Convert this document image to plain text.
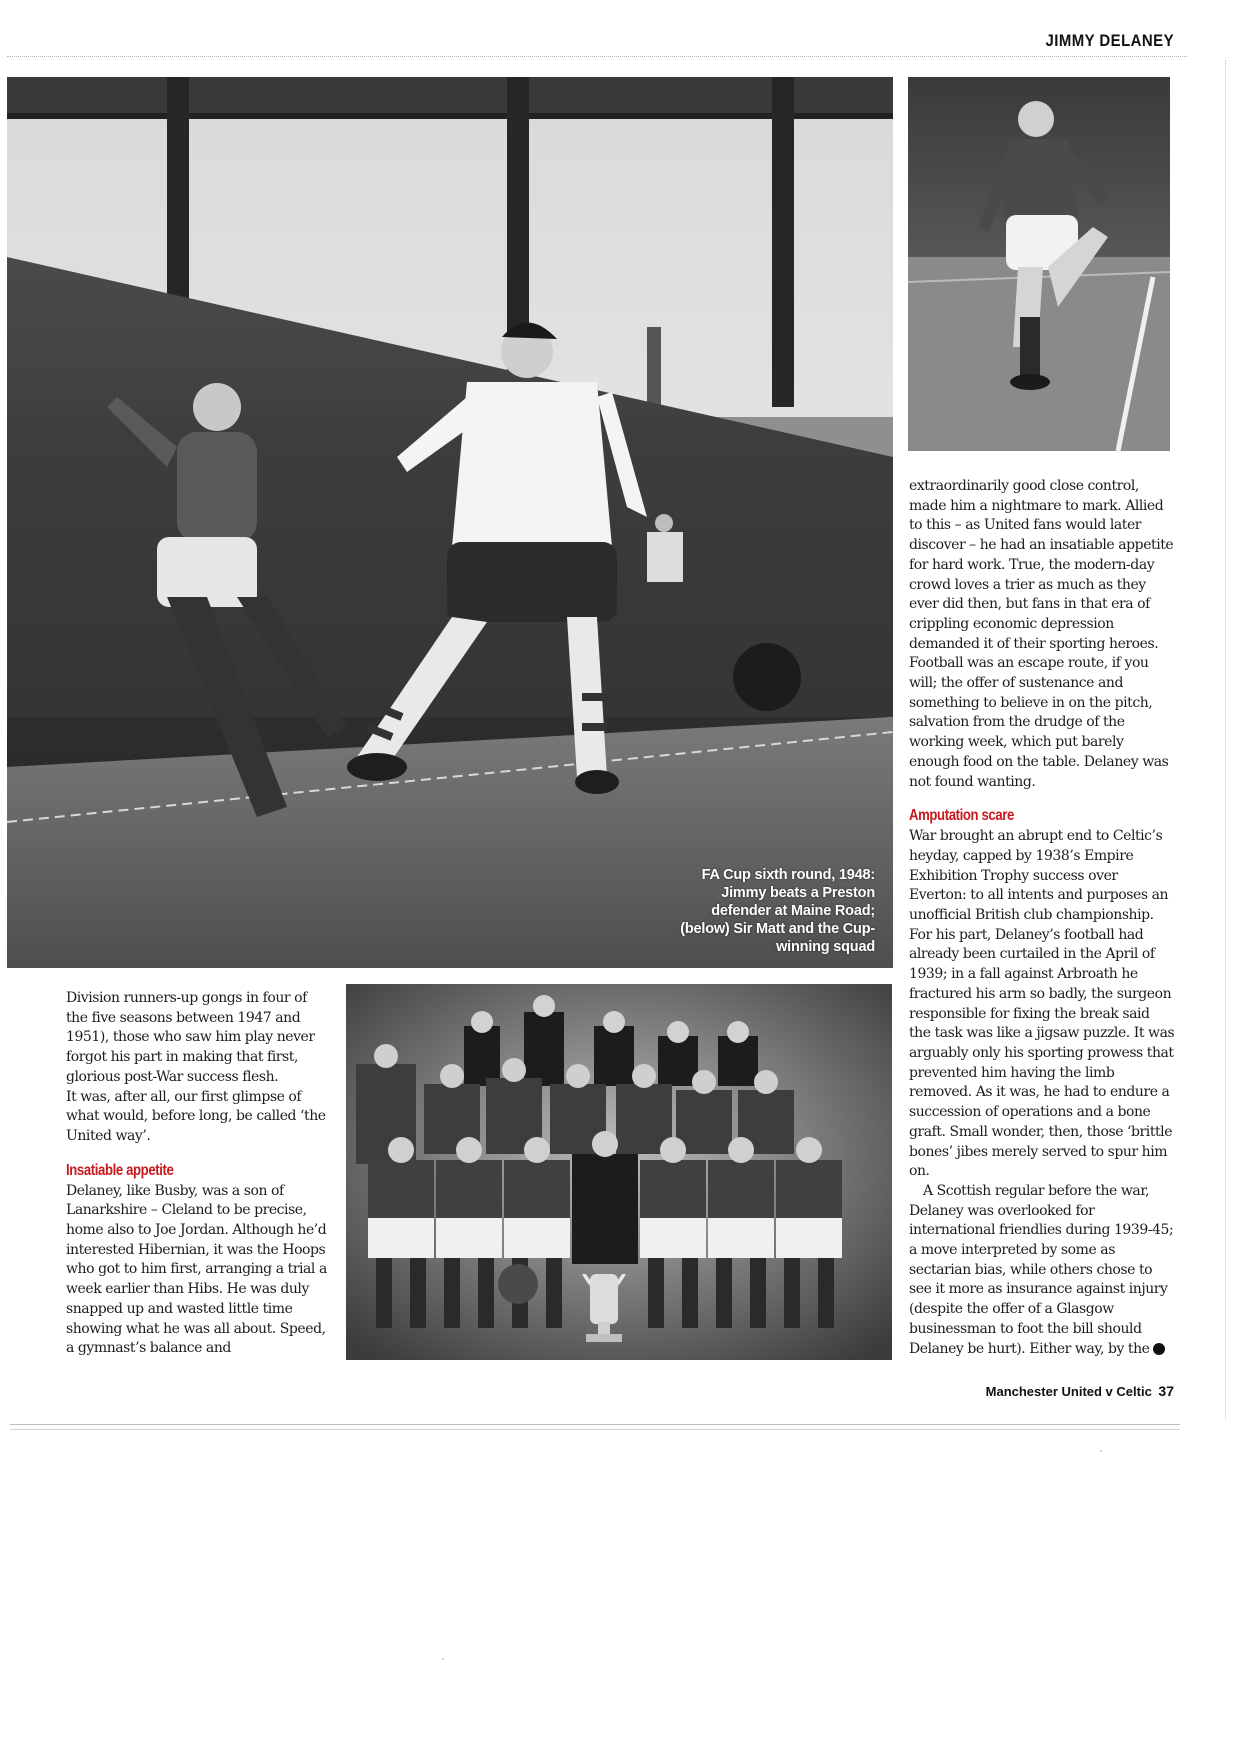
JIMMY DELANEY
FA Cup sixth round, 1948: Jimmy beats a Preston defender at Maine Road; (below) Sir Matt and the Cup-winning squad

Division runners-up gongs in four of the five seasons between 1947 and 1951), those who saw him play never forgot his part in making that first, glorious post-War success flesh.

It was, after all, our first glimpse of what would, before long, be called ‘the United way’.

Insatiable appetite

Delaney, like Busby, was a son of Lanarkshire – Cleland to be precise, home also to Joe Jordan. Although he’d interested Hibernian, it was the Hoops who got to him first, arranging a trial a week earlier than Hibs. He was duly snapped up and wasted little time showing what he was all about. Speed, a gymnast’s balance and

extraordinarily good close control, made him a nightmare to mark. Allied to this – as United fans would later discover – he had an insatiable appetite for hard work. True, the modern-day crowd loves a trier as much as they ever did then, but fans in that era of crippling economic depression demanded it of their sporting heroes. Football was an escape route, if you will; the offer of sustenance and something to believe in on the pitch, salvation from the drudge of the working week, which put barely enough food on the table. Delaney was not found wanting.

Amputation scare

War brought an abrupt end to Celtic’s heyday, capped by 1938’s Empire Exhibition Trophy success over Everton: to all intents and purposes an unofficial British club championship. For his part, Delaney’s football had already been curtailed in the April of 1939; in a fall against Arbroath he fractured his arm so badly, the surgeon responsible for fixing the break said the task was like a jigsaw puzzle. It was arguably only his sporting prowess that prevented him having the limb removed. As it was, he had to endure a succession of operations and a bone graft. Small wonder, then, those ‘brittle bones’ jibes merely served to spur him on.

A Scottish regular before the war, Delaney was overlooked for international friendlies during 1939-45; a move interpreted by some as sectarian bias, while others chose to see it more as insurance against injury (despite the offer of a Glasgow businessman to foot the bill should Delaney be hurt). Either way, by the ▶

Manchester United v Celtic 37
